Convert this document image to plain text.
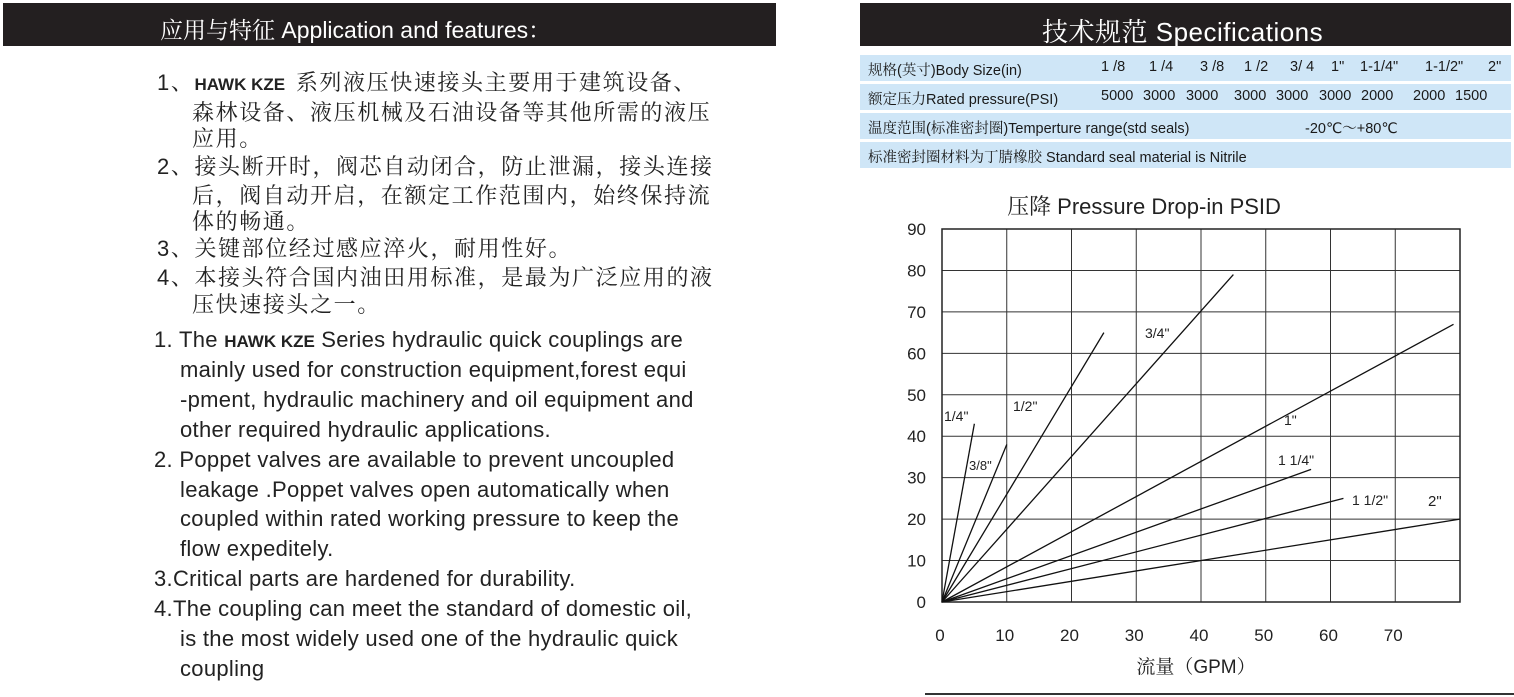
应用与特征 Application and features：
1、HAWK KZE 系列液压快速接头主要用于建筑设备、
森林设备、液压机械及石油设备等其他所需的液压
应用。
2、接头断开时，阀芯自动闭合，防止泄漏，接头连接
后，阀自动开启，在额定工作范围内，始终保持流
体的畅通。
3、关键部位经过感应淬火，耐用性好。
4、本接头符合国内油田用标准，是最为广泛应用的液
压快速接头之一。
1. The HAWK KZE Series hydraulic quick couplings are
mainly used for construction equipment,forest equi
-pment, hydraulic machinery and oil equipment and
other required hydraulic applications.
2. Poppet valves are available to prevent uncoupled
leakage .Poppet valves open automatically when
coupled within rated working pressure to keep the
flow expeditely.
3.Critical parts are hardened for durability.
4.The coupling can meet the standard of domestic oil,
is the most widely used one of the hydraulic quick
coupling
技术规范 Specifications
规格(英寸)Body Size(in)	1 /8 1 /4 3 /8 1 /2 3/ 4 1" 1-1/4" 1-1/2" 2"
额定压力Rated pressure(PSI)	5000 3000 3000 3000 3000 3000 2000 2000 1500
温度范围(标准密封圈)Temperture range(std seals)	-20℃～+80℃
标准密封圈材料为丁腈橡胶 Standard seal material is Nitrile
压降 Pressure Drop-in PSID
0
10
20
30
40
50
60
70
80
90
0	10	20	30	40	50	60	70
流量（GPM）
1/4"
3/8"
1/2"
3/4"
1"
1 1/4"
1 1/2"	2"
